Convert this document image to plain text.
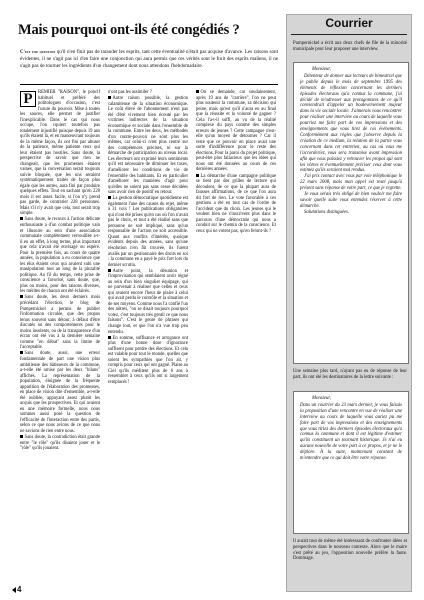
Mais pourquoi ont-ils été congédiés ?
C'est une question qu'il n'en finit pas de tarauder les esprits, tant cette éventualité n'était pas acquise d'avance. Les raisons sont évidentes, il ne s'agit pas ici d'en faire une conjonction qui aura permis que ces vérités sont le fruit des esprits maliens, il ne s'agit pas de tourner les ingrédients d'un changement dont nous attendons l'hebdomadaire.

P	REMIER "RAISON", le poncif habituel et préféré des politologues d'occasion, c'est l'usure du pouvoir. Mise à toutes les sauces, elle permet de justifier l'inexplicable. Dans le cas qui nous occupe, l'on cquiert toutefois pas totalement injustifié puisque depuis 19 ans qu'ils étaient là, et en manœuvrant toujours de la même façon, ils ont fini par abuser de la patience, même patiente ceux qui leur étaient pas hostiles. Sans doute, la perspective de savoir que rien ne changeait, que les promesses étaient vaines, que la conversation serait toujours suivie bloquée, que les uns seraient systématiquement traités de façon plus égale que les autres, aura fini par produire quelques effets. Tout en sachant qu'en 228 mois il est assez facile, si l'on n'y prend pas garde, de contrarier 228 personnes. Mais s'il n'y avait que cela, tout serait trop simple.

Sans doute, le recours à l'action délicate enthousiaste a d'un combat politique vain et illusoire au sein d'une association communale complètement verrouillée a-t-il eu un effet, à long terme, plus important que cela n'avait été envisagé ou espéré. Pour la première fois, au cours de quatre années, la population a eu conscience que les élus étaient ceux qui avaient subi une manipulation tout au long de la pluralité politique. Au fil du temps, cette prise de conscience a favorisé, sans doute, que, plus ou moins, pour des raisons diverses, les mérites de chacun ont été éclairés.

Sans doute, les deux derniers mois précédant l'élection, le blog de Pumpernickel a permis de publier l'information circulée, que des propos tenus souvent sans détour, à défaut d'être discutés ou des comportements pour le moins insolents, ou de la transparence d'un écran ont été vus à la dernière semaine comme "en débat" sans la limite de l'acceptable.

Sans doute, aussi, une erreur fondamentale de part une vision plus ambitieuse des bâtisseurs de la commune, a-t-elle été omise par les deux "bilans" affichés. La représentation de la population, éloignée de la fréquente apparition de l'élaboration des promesses, en place de vision dite d'ensemble, a-t-elle été oubliée, appuyant assez plutôt les acquis que les prospectives. Et qui avaient eu une mémoire formelle, nous nous sommes aussi posé la question de l'efficacité de l'interaction entre des partis, selon ce que nous avions de ce que nous ne savions de rien entre nous.

Sans doute, la contradiction était grande entre "le rôle" qu'ils disaient jouer et le "rôle" qu'ils jouaient.

n'ont pas les assimiler ?

Autre raison possible, la gestion calamiteuse de la situation économique. Le coût élevé de l'abonnement n'eut pas été d'été vivement bien écouté par les victimes indirectes de la situation économique et sociale dans l'ensemble de la commune. Entre les deux, les méthodes d'un contre-pouvoir ne sont plus les mêmes, car celui-ci n'est plus centré sur des compétences précises, ni sur la démarche de participation au niveau local. Les électeurs ont exprimé leurs sentiments qu'il est nécessaire de diminuer les taxes, d'améliorer les conditions de vie de l'ensemble des habitants. Et en particulier d'améliorer les manières d'agir pour qu'elles ne soient pas sans cesse décidées sans avoir rien de positif en retour.

La gestion démocratique quotidienne est également l'une des causes du rejet, même à 31 voix ! Les publications obligatoires qui n'ont été prises qu'en cas où l'on n'avait pas le choix, et tout a été réalisé sans que personne ne soit impliqué, sans qu'un responsable de l'action ne soit accessible. Quant aux conflits d'intérêts, quoique évidents depuis des années, sans qu'une résolution n'en fût trouvée, ils furent avalés par un gestionnaire des droits en soi : la commune en a payé le prix fort lors du dernier scrutin.

Autre point, la désunion et l'improvisation qui semblaient avoir régné au sein d'un bien singulier équipage, qui ne parvenait à réaliser que celles et ceux qui avaient encore l'heur de plaire à celui qui avait perdu le contrôle et la situation et de ses moyens. Comme nous l'a confié l'un des nôtres, "on se disait toujours pourquoi votez, c'est toujours très gentil ce que nous faisons". C'est le genre de phrases qui change tout, et que l'on n'a vue trop peu entendu.

En somme, suffisance et arrogance ont plus d'une bonne dose d'ignorance suffisent pour perdre des élections. Et cela est valable pour tout le monde, quelles que soient les sympathies que l'on ait, y compris pour ceux qui ont gagné. Plaise au Ciel qu'ils méditent plus de 6 ans à ressembler à ceux qu'ils ont si largement remplacés !

On se demande, car soudainement, après 19 ans de "carrière", l'on ne peut plus soutenir la commune, sa décision qui peine, mais qu'est qu'il n'aura eu au final que la réussite et la volonté de gagner ? Cela l'a-t-il suffi, au vu de la réalité complexe du pays comme des simples erreurs de jeunes ? Cette campagne n'est-elle qu'un moyen de détourner ? Car il reste que ce pouvoir en place avait une sorte d'indifférence pour le reste des élections. Pour la paroi du projet politique, peut-être plus fallacieux que les idées qui nous ont été données au cours de ces dernières années.

La démarche d'une campagne politique se tient par des grilles de lecture qui découlent, de ce que la plupart aura de fausses affirmations, de ce que l'on aura dit fort de rien. Le vote favorable à ces gestions a été en tout cas de l'ordre de l'accident que du choix. Les jeunes qui le veulent bien ne s'inscrivent plus dans le parcours d'une démocratie qui nous a conduit sur le chemin de la conscience. Et ceux qui ne votent pas, qu'en feront-ils ?

4
Courrier
Pumpernickel a écrit aux deux chefs de file de la minorité municipale pour leur proposer une interview.
Monsieur,

Détenteur de donner aux lecteurs de bimestriel que je publie depuis le mois de septembre 1995 des éléments de réflexion concernant les derniers épisodes électoraux qu'a connus la commune, j'ai décidé de m'adresser aux protagonistes de ce qu'il conviendrait d'appeler un bouleversement majeur dans la vie sociale locale. J'aimerais vous rencontrer pour réaliser une interview au cours de laquelle vous pourriez me faire part de vos impressions et des enseignements que vous tirez de ces événements. Conformément aux règles que j'observe depuis la création de ce medium, la relation de la partie vous concernant dans cet entretien, au cas où vous me l'accorderiez, vous sera transmise avant impression afin que vous puissiez y retrouver les propos qui sont les vôtres et éventuellement préciser ceux dont vous estimez qu'ils seraient mal rendus.

J'ai pris contact avec vous par voie téléphonique le 22 mars 2008, mais mon appel est resté jusqu'à présent sans réponse de votre part, ce que je regrette.

Je vous serais très obligé de bien vouloir me faire savoir quelle suite vous entendez réserver à cette démarche.

Salutations distinguées.

Une semaine plus tard, n'ayant pas eu de réponse de leur part, ils ont été les destinataires de la lettre suivante :
Monsieur,

Dans un courrier du 23 mars dernier, je vous faisais la proposition d'une rencontre en vue de réaliser une interview au cours de laquelle vous auriez pu me faire part de vos impressions et des enseignements que vous tiriez des derniers épisodes électoraux qu'a connus la commune et dont il est légitime d'estimer qu'ils constituent un tournant historique. Je n'ai eu aucune nouvelle de votre part à ce propos, et je ne le déplore. À la suite, maintenant constant de m'entendre que ce qui doit être votre réponse.

Il aurait tout de même été intéressant de confronter idées et perspectives dans le nouveau contexte. Alors que le maire s'est prêté au jeu, l'opposition nouvelle préfère la faute. Dommage.
